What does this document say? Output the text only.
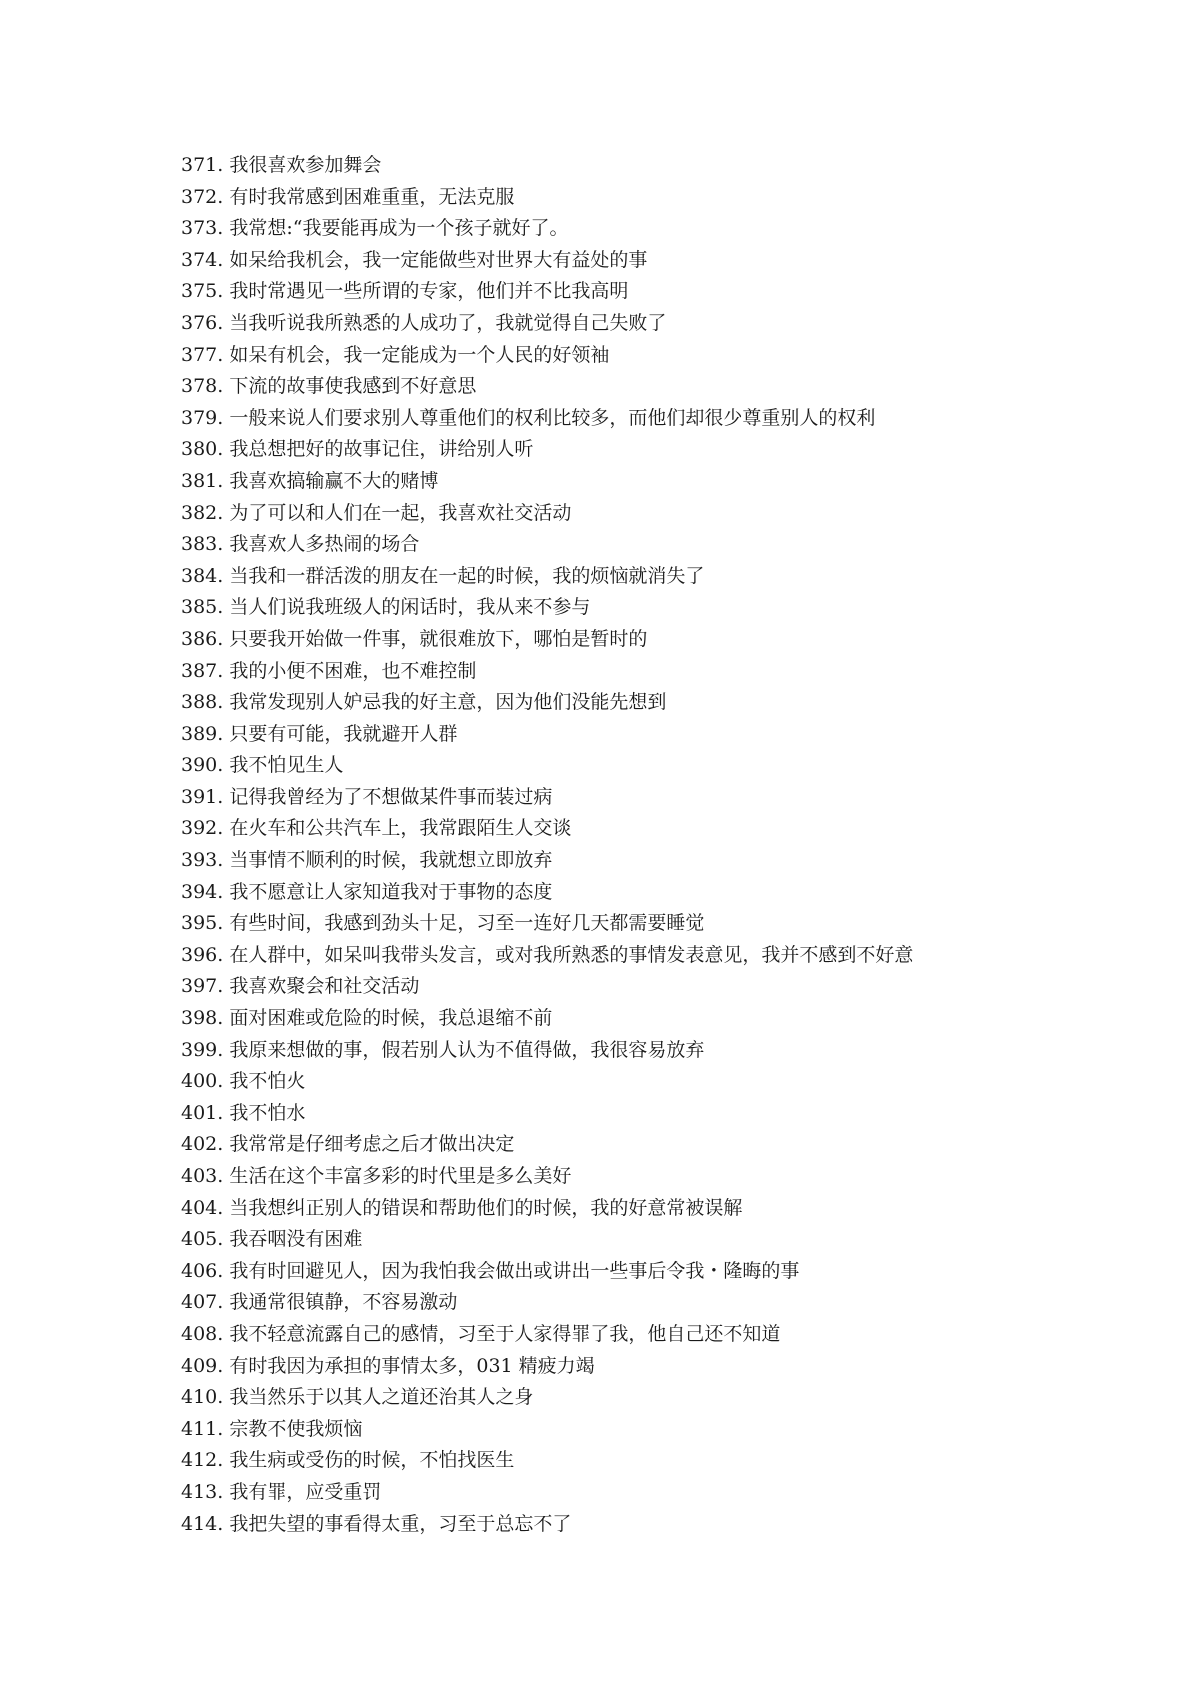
371. 我很喜欢参加舞会
372. 有时我常感到困难重重，无法克服
373. 我常想:“我要能再成为一个孩子就好了。
374. 如呆给我机会，我一定能做些对世界大有益处的事
375. 我时常遇见一些所谓的专家，他们并不比我高明
376. 当我听说我所熟悉的人成功了，我就觉得自己失败了
377. 如呆有机会，我一定能成为一个人民的好领袖
378. 下流的故事使我感到不好意思
379. 一般来说人们要求别人尊重他们的权利比较多，而他们却很少尊重别人的权利
380. 我总想把好的故事记住，讲给别人听
381. 我喜欢搞输赢不大的赌博
382. 为了可以和人们在一起，我喜欢社交活动
383. 我喜欢人多热闹的场合
384. 当我和一群活泼的朋友在一起的时候，我的烦恼就消失了
385. 当人们说我班级人的闲话时，我从来不参与
386. 只要我开始做一件事，就很难放下，哪怕是暂时的
387. 我的小便不困难，也不难控制
388. 我常发现别人妒忌我的好主意，因为他们没能先想到
389. 只要有可能，我就避开人群
390. 我不怕见生人
391. 记得我曾经为了不想做某件事而装过病
392. 在火车和公共汽车上，我常跟陌生人交谈
393. 当事情不顺利的时候，我就想立即放弃
394. 我不愿意让人家知道我对于事物的态度
395. 有些时间，我感到劲头十足，习至一连好几天都需要睡觉
396. 在人群中，如呆叫我带头发言，或对我所熟悉的事情发表意见，我并不感到不好意
397. 我喜欢聚会和社交活动
398. 面对困难或危险的时候，我总退缩不前
399. 我原来想做的事，假若别人认为不值得做，我很容易放弃
400. 我不怕火
401. 我不怕水
402. 我常常是仔细考虑之后才做出决定
403. 生活在这个丰富多彩的时代里是多么美好
404. 当我想纠正别人的错误和帮助他们的时候，我的好意常被误解
405. 我吞咽没有困难
406. 我有时回避见人，因为我怕我会做出或讲出一些事后令我・隆晦的事
407. 我通常很镇静，不容易激动
408. 我不轻意流露自己的感情，习至于人家得罪了我，他自己还不知道
409. 有时我因为承担的事情太多，031 精疲力竭
410. 我当然乐于以其人之道还治其人之身
411. 宗教不使我烦恼
412. 我生病或受伤的时候，不怕找医生
413. 我有罪，应受重罚
414. 我把失望的事看得太重，习至于总忘不了
